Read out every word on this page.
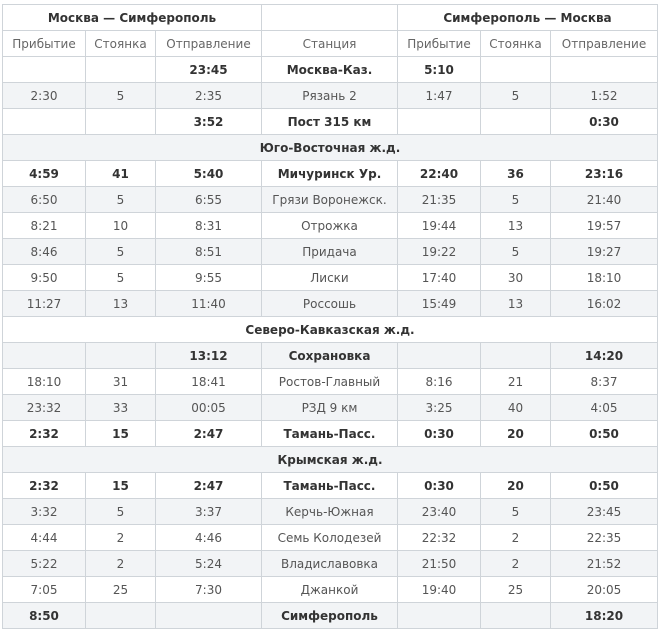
Москва — Симферополь				Симферополь — Москва		
Прибытие	Стоянка	Отправление	Станция	Прибытие	Стоянка	Отправление
		23:45	Москва-Каз.	5:10		
2:30	5	2:35	Рязань 2	1:47	5	1:52
		3:52	Пост 315 км			0:30
Юго-Восточная ж.д.						
4:59	41	5:40	Мичуринск Ур.	22:40	36	23:16
6:50	5	6:55	Грязи Воронежск.	21:35	5	21:40
8:21	10	8:31	Отрожка	19:44	13	19:57
8:46	5	8:51	Придача	19:22	5	19:27
9:50	5	9:55	Лиски	17:40	30	18:10
11:27	13	11:40	Россошь	15:49	13	16:02
Северо-Кавказская ж.д.						
		13:12	Сохрановка			14:20
18:10	31	18:41	Ростов-Главный	8:16	21	8:37
23:32	33	00:05	РЗД 9 км	3:25	40	4:05
2:32	15	2:47	Тамань-Пасс.	0:30	20	0:50
Крымская ж.д.						
2:32	15	2:47	Тамань-Пасс.	0:30	20	0:50
3:32	5	3:37	Керчь-Южная	23:40	5	23:45
4:44	2	4:46	Семь Колодезей	22:32	2	22:35
5:22	2	5:24	Владиславовка	21:50	2	21:52
7:05	25	7:30	Джанкой	19:40	25	20:05
8:50			Симферополь			18:20
